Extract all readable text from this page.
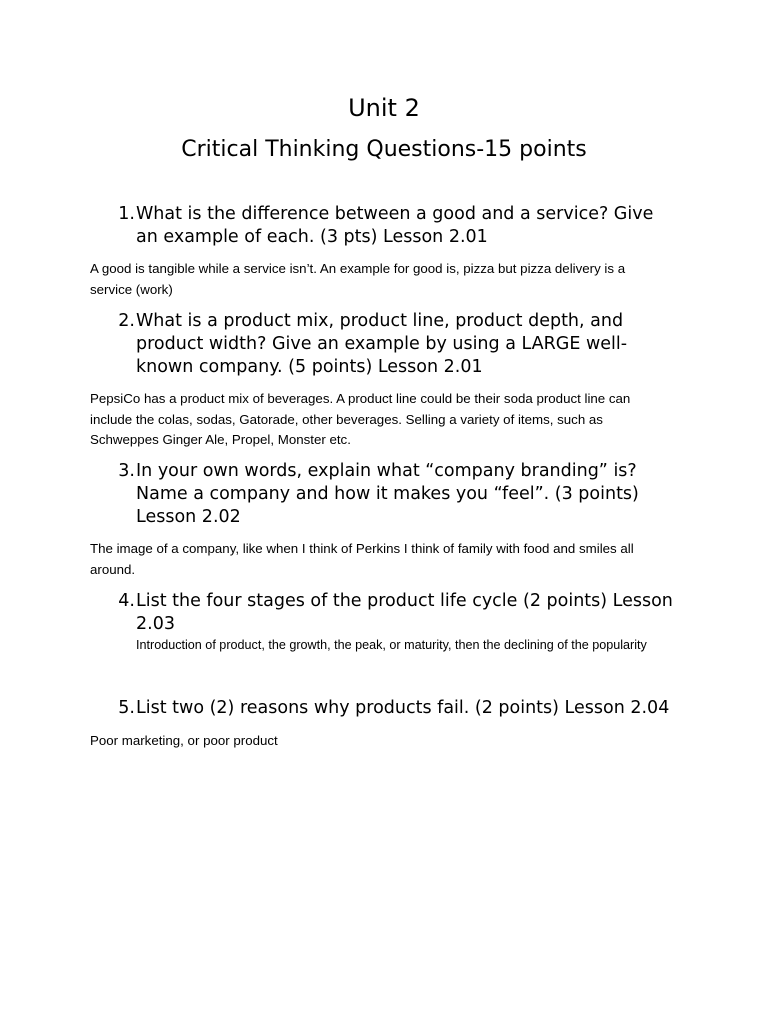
Unit 2
Critical Thinking Questions-15 points
1. What is the difference between a good and a service? Give
an example of each. (3 pts) Lesson 2.01
A good is tangible while a service isn’t. An example for good is, pizza but pizza delivery is a
service (work)
2. What is a product mix, product line, product depth, and
product width? Give an example by using a LARGE well-
known company. (5 points) Lesson 2.01
PepsiCo has a product mix of beverages. A product line could be their soda product line can
include the colas, sodas, Gatorade, other beverages. Selling a variety of items, such as
Schweppes Ginger Ale, Propel, Monster etc.
3. In your own words, explain what “company branding” is?
Name a company and how it makes you “feel”. (3 points)
Lesson 2.02
The image of a company, like when I think of Perkins I think of family with food and smiles all
around.
4. List the four stages of the product life cycle (2 points) Lesson
2.03
Introduction of product, the growth, the peak, or maturity, then the declining of the popularity
5. List two (2) reasons why products fail. (2 points) Lesson 2.04
Poor marketing, or poor product
